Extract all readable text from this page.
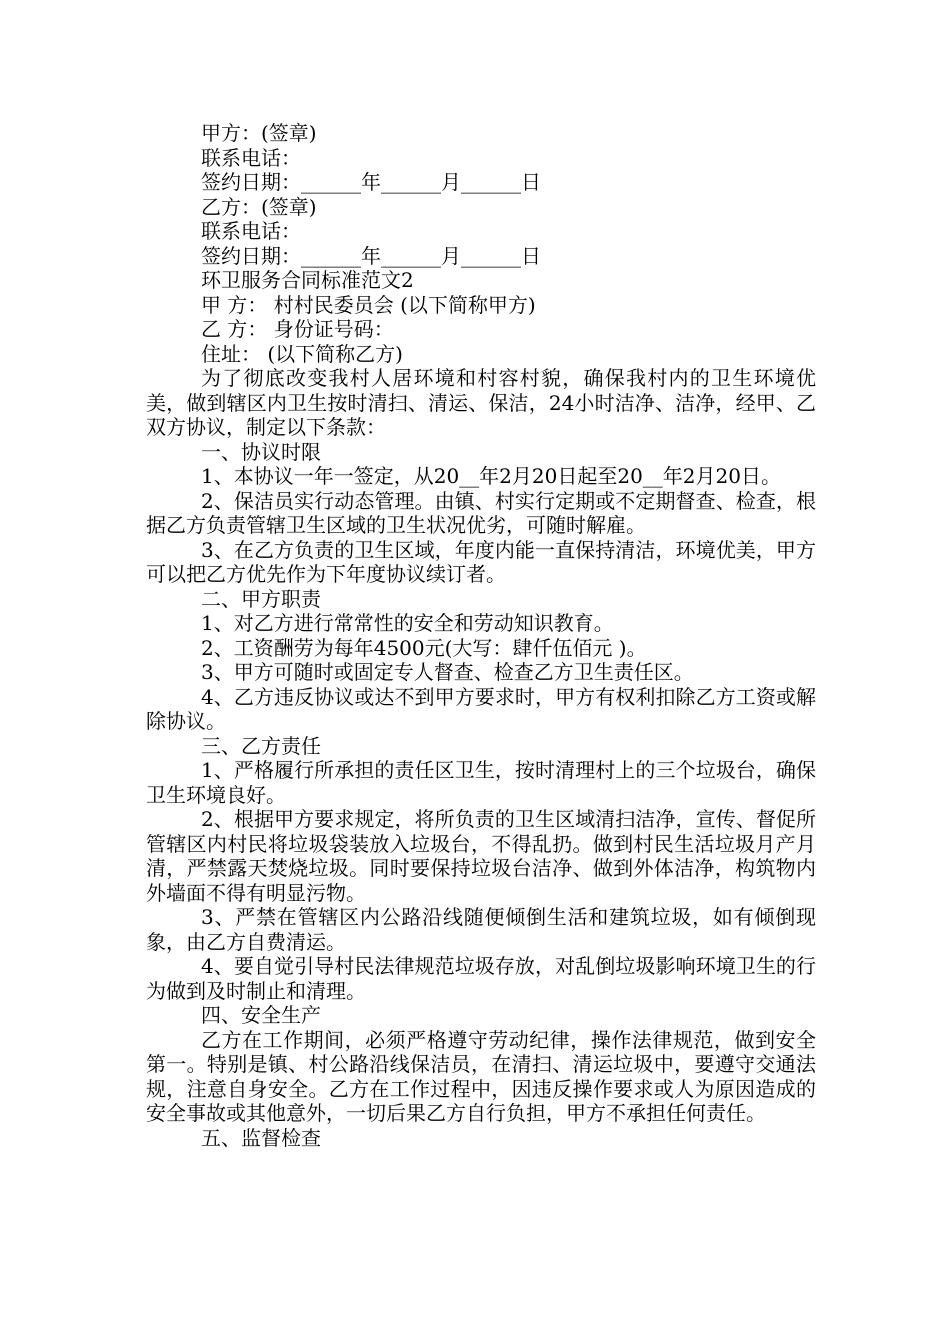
甲方：(签章)

联系电话：

签约日期：______年______月______日

乙方：(签章)

联系电话：

签约日期：______年______月______日

环卫服务合同标准范文2

甲 方： 村村民委员会 (以下简称甲方)

乙 方： 身份证号码：

住址： (以下简称乙方)

为了彻底改变我村人居环境和村容村貌，确保我村内的卫生环境优美，做到辖区内卫生按时清扫、清运、保洁，24小时洁净、洁净，经甲、乙双方协议，制定以下条款：

一、协议时限

1、本协议一年一签定，从20__年2月20日起至20__年2月20日。

2、保洁员实行动态管理。由镇、村实行定期或不定期督查、检查，根据乙方负责管辖卫生区域的卫生状况优劣，可随时解雇。

3、在乙方负责的卫生区域，年度内能一直保持清洁，环境优美，甲方可以把乙方优先作为下年度协议续订者。

二、甲方职责

1、对乙方进行常常性的安全和劳动知识教育。

2、工资酬劳为每年4500元(大写：肆仟伍佰元 )。

3、甲方可随时或固定专人督查、检查乙方卫生责任区。

4、乙方违反协议或达不到甲方要求时，甲方有权利扣除乙方工资或解除协议。

三、乙方责任

1、严格履行所承担的责任区卫生，按时清理村上的三个垃圾台，确保卫生环境良好。

2、根据甲方要求规定，将所负责的卫生区域清扫洁净，宣传、督促所管辖区内村民将垃圾袋装放入垃圾台，不得乱扔。做到村民生活垃圾月产月清，严禁露天焚烧垃圾。同时要保持垃圾台洁净、做到外体洁净，构筑物内外墙面不得有明显污物。

3、严禁在管辖区内公路沿线随便倾倒生活和建筑垃圾，如有倾倒现象，由乙方自费清运。

4、要自觉引导村民法律规范垃圾存放，对乱倒垃圾影响环境卫生的行为做到及时制止和清理。

四、安全生产

乙方在工作期间，必须严格遵守劳动纪律，操作法律规范，做到安全第一。特别是镇、村公路沿线保洁员，在清扫、清运垃圾中，要遵守交通法规，注意自身安全。乙方在工作过程中，因违反操作要求或人为原因造成的安全事故或其他意外，一切后果乙方自行负担，甲方不承担任何责任。

五、监督检查
